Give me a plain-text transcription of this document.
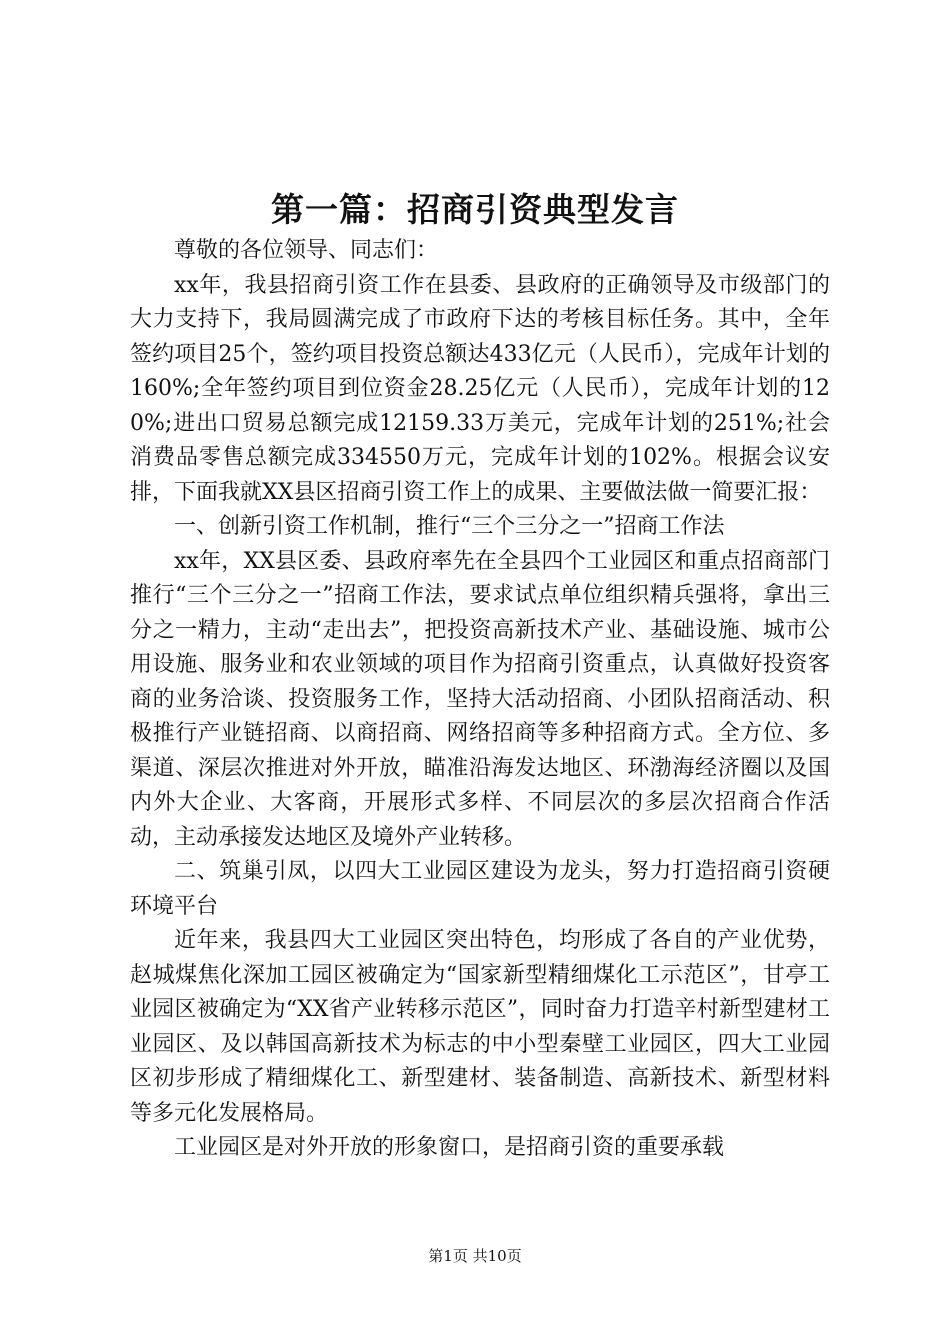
第一篇：招商引资典型发言

尊敬的各位领导、同志们：

xx年，我县招商引资工作在县委、县政府的正确领导及市级部门的大力支持下，我局圆满完成了市政府下达的考核目标任务。其中，全年签约项目25个，签约项目投资总额达433亿元（人民币），完成年计划的160%;全年签约项目到位资金28.25亿元（人民币），完成年计划的120%;进出口贸易总额完成12159.33万美元，完成年计划的251%;社会消费品零售总额完成334550万元，完成年计划的102%。根据会议安排，下面我就XX县区招商引资工作上的成果、主要做法做一简要汇报：

一、创新引资工作机制，推行“三个三分之一”招商工作法

xx年，XX县区委、县政府率先在全县四个工业园区和重点招商部门推行“三个三分之一”招商工作法，要求试点单位组织精兵强将，拿出三分之一精力，主动“走出去”，把投资高新技术产业、基础设施、城市公用设施、服务业和农业领域的项目作为招商引资重点，认真做好投资客商的业务洽谈、投资服务工作，坚持大活动招商、小团队招商活动、积极推行产业链招商、以商招商、网络招商等多种招商方式。全方位、多渠道、深层次推进对外开放，瞄准沿海发达地区、环渤海经济圈以及国内外大企业、大客商，开展形式多样、不同层次的多层次招商合作活动，主动承接发达地区及境外产业转移。

二、筑巢引凤，以四大工业园区建设为龙头，努力打造招商引资硬环境平台

近年来，我县四大工业园区突出特色，均形成了各自的产业优势，赵城煤焦化深加工园区被确定为“国家新型精细煤化工示范区”，甘亭工业园区被确定为“XX省产业转移示范区”，同时奋力打造辛村新型建材工业园区、及以韩国高新技术为标志的中小型秦壁工业园区，四大工业园区初步形成了精细煤化工、新型建材、装备制造、高新技术、新型材料等多元化发展格局。

工业园区是对外开放的形象窗口，是招商引资的重要承载

第1页 共10页
